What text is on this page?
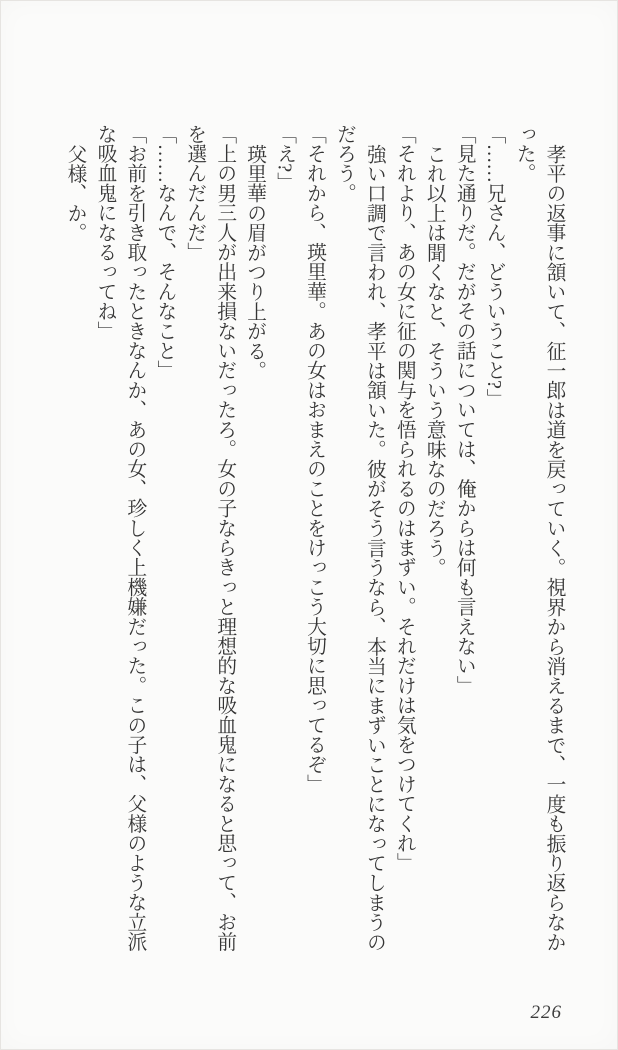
孝平の返事に頷いて、征一郎は道を戻っていく。視界から消えるまで、一度も振り返らなかった。

「……兄さん、どういうこと?」

「見た通りだ。だがその話については、俺からは何も言えない」

これ以上は聞くなと、そういう意味なのだろう。

「それより、あの女に征の関与を悟られるのはまずい。それだけは気をつけてくれ」

強い口調で言われ、孝平は頷いた。彼がそう言うなら、本当にまずいことになってしまうのだろう。

「それから、瑛里華。あの女はおまえのことをけっこう大切に思ってるぞ」

「え?」

瑛里華の眉がつり上がる。

「上の男三人が出来損ないだったろ。女の子ならきっと理想的な吸血鬼になると思って、お前を選んだんだ」

「……なんで、そんなこと」

「お前を引き取ったときなんか、あの女、珍しく上機嫌だった。この子は、父様のような立派な吸血鬼になるってね」

父様、か。

226
